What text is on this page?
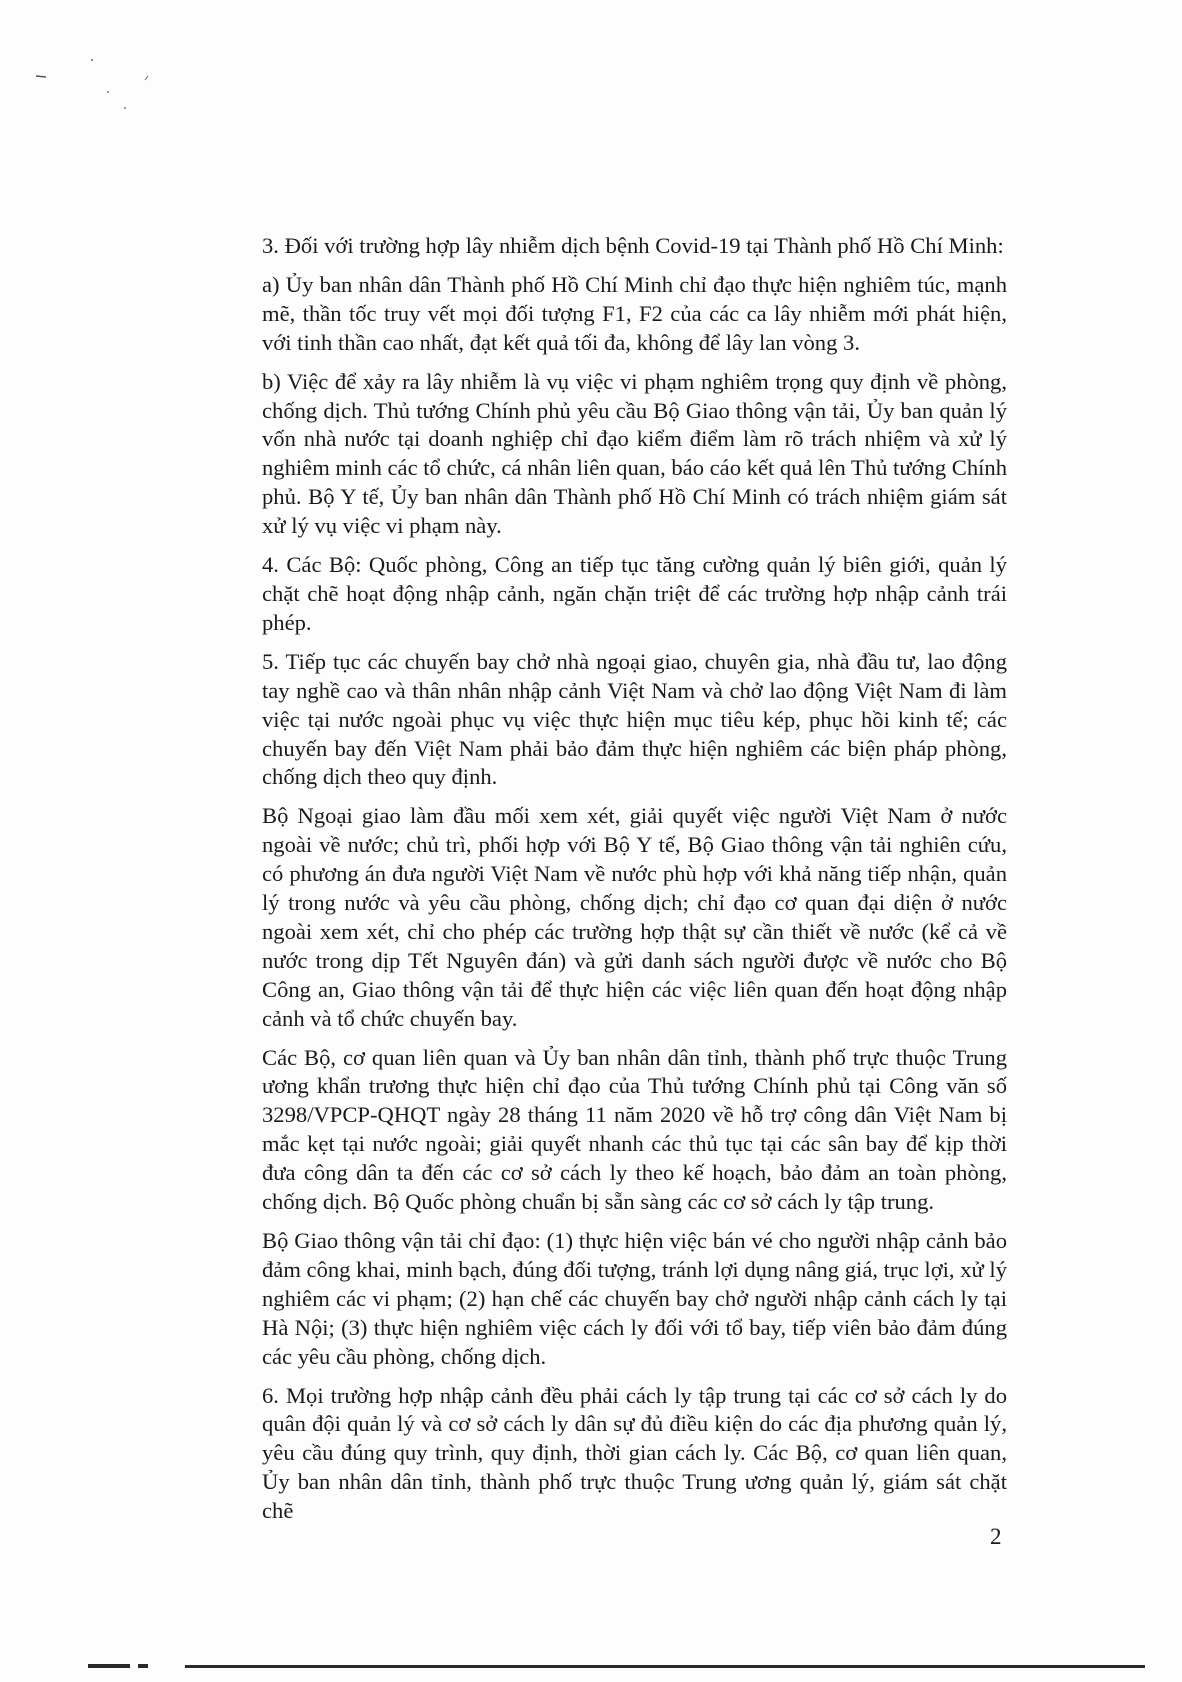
3. Đối với trường hợp lây nhiễm dịch bệnh Covid-19 tại Thành phố Hồ Chí Minh:

a) Ủy ban nhân dân Thành phố Hồ Chí Minh chỉ đạo thực hiện nghiêm túc, mạnh mẽ, thần tốc truy vết mọi đối tượng F1, F2 của các ca lây nhiễm mới phát hiện, với tinh thần cao nhất, đạt kết quả tối đa, không để lây lan vòng 3.

b) Việc để xảy ra lây nhiễm là vụ việc vi phạm nghiêm trọng quy định về phòng, chống dịch. Thủ tướng Chính phủ yêu cầu Bộ Giao thông vận tải, Ủy ban quản lý vốn nhà nước tại doanh nghiệp chỉ đạo kiểm điểm làm rõ trách nhiệm và xử lý nghiêm minh các tổ chức, cá nhân liên quan, báo cáo kết quả lên Thủ tướng Chính phủ. Bộ Y tế, Ủy ban nhân dân Thành phố Hồ Chí Minh có trách nhiệm giám sát xử lý vụ việc vi phạm này.

4. Các Bộ: Quốc phòng, Công an tiếp tục tăng cường quản lý biên giới, quản lý chặt chẽ hoạt động nhập cảnh, ngăn chặn triệt để các trường hợp nhập cảnh trái phép.

5. Tiếp tục các chuyến bay chở nhà ngoại giao, chuyên gia, nhà đầu tư, lao động tay nghề cao và thân nhân nhập cảnh Việt Nam và chở lao động Việt Nam đi làm việc tại nước ngoài phục vụ việc thực hiện mục tiêu kép, phục hồi kinh tế; các chuyến bay đến Việt Nam phải bảo đảm thực hiện nghiêm các biện pháp phòng, chống dịch theo quy định.

Bộ Ngoại giao làm đầu mối xem xét, giải quyết việc người Việt Nam ở nước ngoài về nước; chủ trì, phối hợp với Bộ Y tế, Bộ Giao thông vận tải nghiên cứu, có phương án đưa người Việt Nam về nước phù hợp với khả năng tiếp nhận, quản lý trong nước và yêu cầu phòng, chống dịch; chỉ đạo cơ quan đại diện ở nước ngoài xem xét, chỉ cho phép các trường hợp thật sự cần thiết về nước (kể cả về nước trong dịp Tết Nguyên đán) và gửi danh sách người được về nước cho Bộ Công an, Giao thông vận tải để thực hiện các việc liên quan đến hoạt động nhập cảnh và tổ chức chuyến bay.

Các Bộ, cơ quan liên quan và Ủy ban nhân dân tỉnh, thành phố trực thuộc Trung ương khẩn trương thực hiện chỉ đạo của Thủ tướng Chính phủ tại Công văn số 3298/VPCP-QHQT ngày 28 tháng 11 năm 2020 về hỗ trợ công dân Việt Nam bị mắc kẹt tại nước ngoài; giải quyết nhanh các thủ tục tại các sân bay để kịp thời đưa công dân ta đến các cơ sở cách ly theo kế hoạch, bảo đảm an toàn phòng, chống dịch. Bộ Quốc phòng chuẩn bị sẵn sàng các cơ sở cách ly tập trung.

Bộ Giao thông vận tải chỉ đạo: (1) thực hiện việc bán vé cho người nhập cảnh bảo đảm công khai, minh bạch, đúng đối tượng, tránh lợi dụng nâng giá, trục lợi, xử lý nghiêm các vi phạm; (2) hạn chế các chuyến bay chở người nhập cảnh cách ly tại Hà Nội; (3) thực hiện nghiêm việc cách ly đối với tổ bay, tiếp viên bảo đảm đúng các yêu cầu phòng, chống dịch.

6. Mọi trường hợp nhập cảnh đều phải cách ly tập trung tại các cơ sở cách ly do quân đội quản lý và cơ sở cách ly dân sự đủ điều kiện do các địa phương quản lý, yêu cầu đúng quy trình, quy định, thời gian cách ly. Các Bộ, cơ quan liên quan, Ủy ban nhân dân tỉnh, thành phố trực thuộc Trung ương quản lý, giám sát chặt chẽ

2
